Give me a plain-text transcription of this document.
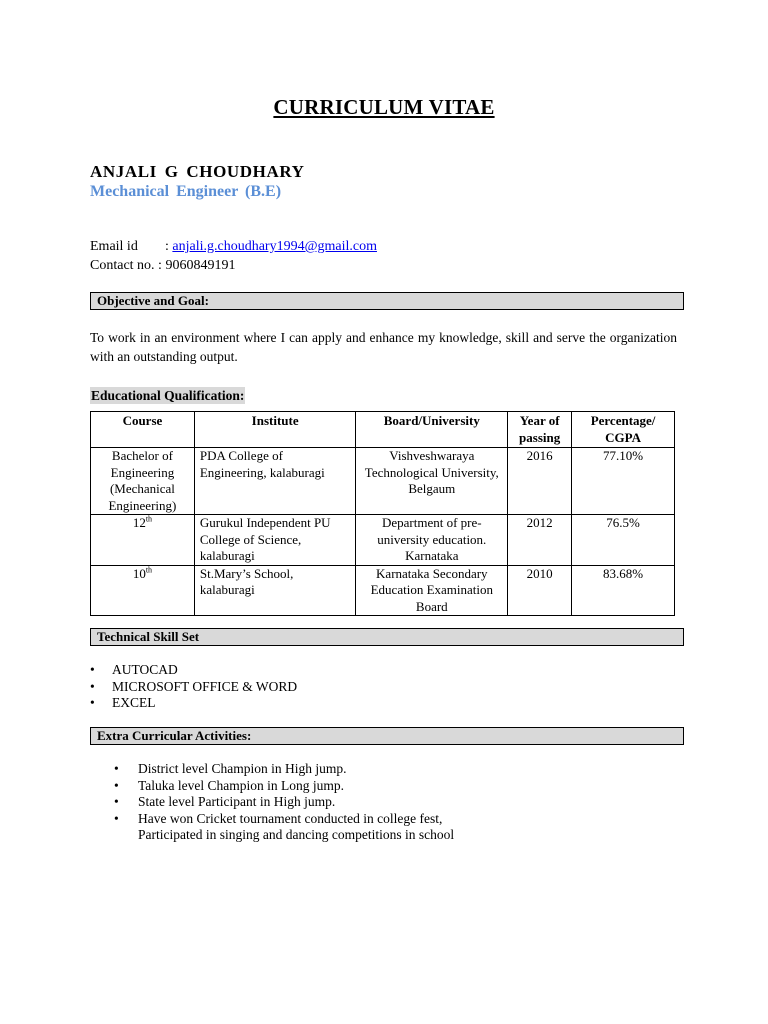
CURRICULUM VITAE
ANJALI G CHOUDHARY
Mechanical Engineer (B.E)
Email id : anjali.g.choudhary1994@gmail.com
Contact no. : 9060849191
Objective and Goal:
To work in an environment where I can apply and enhance my knowledge, skill and serve the organization with an outstanding output.
Educational Qualification:
Course	Institute	Board/University	Year of passing	Percentage/ CGPA
Bachelor of Engineering (Mechanical Engineering)	PDA College of Engineering, kalaburagi	Vishveshwaraya Technological University, Belgaum	2016	77.10%
12th	Gurukul Independent PU College of Science, kalaburagi	Department of pre-university education. Karnataka	2012	76.5%
10th	St.Mary’s School, kalaburagi	Karnataka Secondary Education Examination Board	2010	83.68%
Technical Skill Set
• AUTOCAD
• MICROSOFT OFFICE & WORD
• EXCEL
Extra Curricular Activities:
• District level Champion in High jump.
• Taluka level Champion in Long jump.
• State level Participant in High jump.
• Have won Cricket tournament conducted in college fest,
Participated in singing and dancing competitions in school
